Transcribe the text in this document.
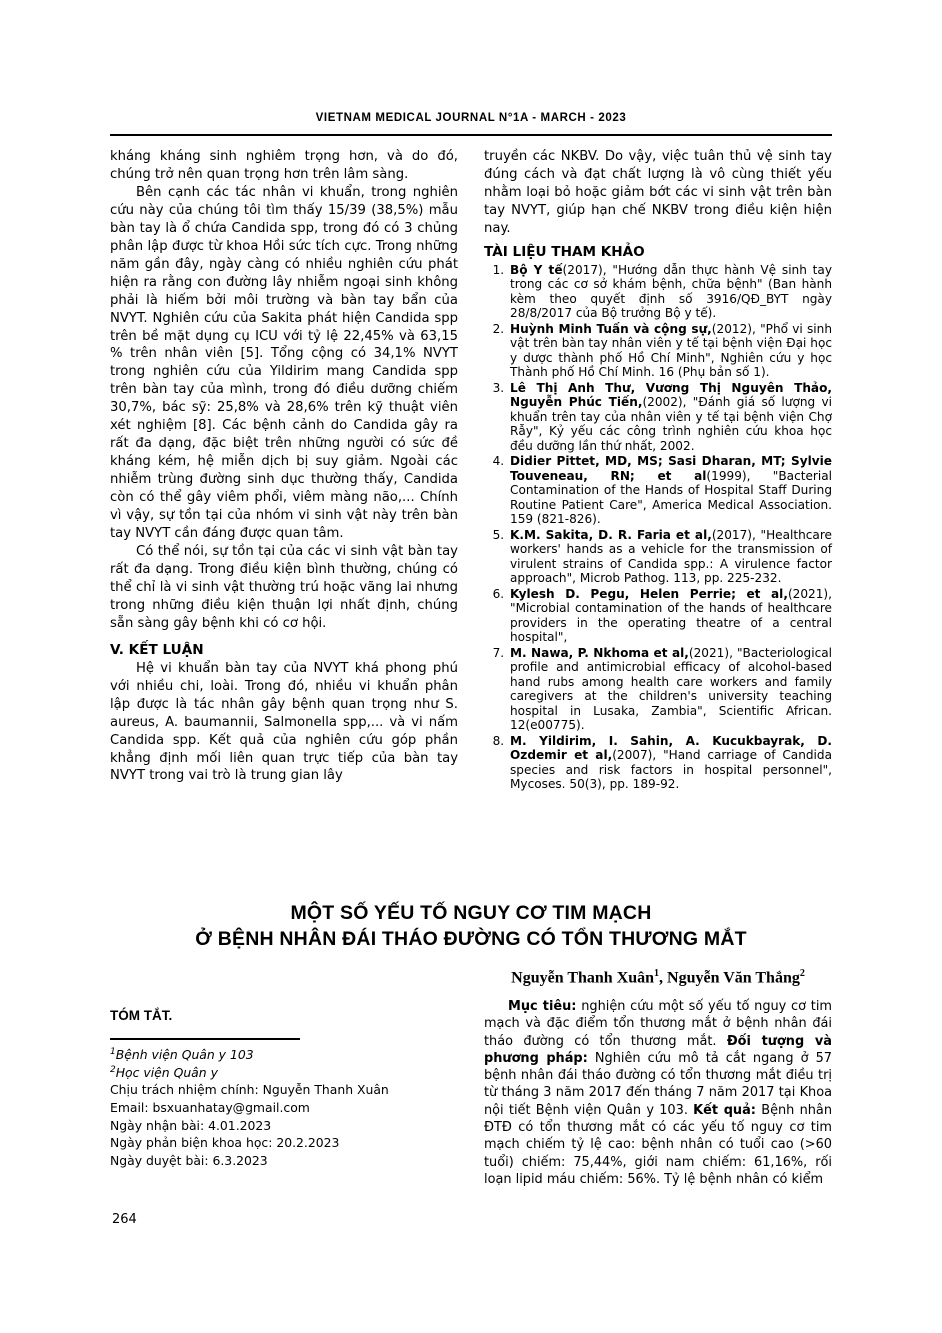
VIETNAM MEDICAL JOURNAL N°1A - MARCH - 2023

kháng kháng sinh nghiêm trọng hơn, và do đó, chúng trở nên quan trọng hơn trên lâm sàng.

Bên cạnh các tác nhân vi khuẩn, trong nghiên cứu này của chúng tôi tìm thấy 15/39 (38,5%) mẫu bàn tay là ổ chứa Candida spp, trong đó có 3 chủng phân lập được từ khoa Hồi sức tích cực. Trong những năm gần đây, ngày càng có nhiều nghiên cứu phát hiện ra rằng con đường lây nhiễm ngoại sinh không phải là hiếm bởi môi trường và bàn tay bẩn của NVYT. Nghiên cứu của Sakita phát hiện Candida spp trên bề mặt dụng cụ ICU với tỷ lệ 22,45% và 63,15 % trên nhân viên [5]. Tổng cộng có 34,1% NVYT trong nghiên cứu của Yildirim mang Candida spp trên bàn tay của mình, trong đó điều dưỡng chiếm 30,7%, bác sỹ: 25,8% và 28,6% trên kỹ thuật viên xét nghiệm [8]. Các bệnh cảnh do Candida gây ra rất đa dạng, đặc biệt trên những người có sức đề kháng kém, hệ miễn dịch bị suy giảm. Ngoài các nhiễm trùng đường sinh dục thường thấy, Candida còn có thể gây viêm phổi, viêm màng não,... Chính vì vậy, sự tồn tại của nhóm vi sinh vật này trên bàn tay NVYT cần đáng được quan tâm.

Có thể nói, sự tồn tại của các vi sinh vật bàn tay rất đa dạng. Trong điều kiện bình thường, chúng có thể chỉ là vi sinh vật thường trú hoặc vãng lai nhưng trong những điều kiện thuận lợi nhất định, chúng sẵn sàng gây bệnh khi có cơ hội.

V. KẾT LUẬN

Hệ vi khuẩn bàn tay của NVYT khá phong phú với nhiều chi, loài. Trong đó, nhiều vi khuẩn phân lập được là tác nhân gây bệnh quan trọng như S. aureus, A. baumannii, Salmonella spp,... và vi nấm Candida spp. Kết quả của nghiên cứu góp phần khẳng định mối liên quan trực tiếp của bàn tay NVYT trong vai trò là trung gian lây

truyền các NKBV. Do vậy, việc tuân thủ vệ sinh tay đúng cách và đạt chất lượng là vô cùng thiết yếu nhằm loại bỏ hoặc giảm bớt các vi sinh vật trên bàn tay NVYT, giúp hạn chế NKBV trong điều kiện hiện nay.

TÀI LIỆU THAM KHẢO
1. Bộ Y tế(2017), "Hướng dẫn thực hành Vệ sinh tay trong các cơ sở khám bệnh, chữa bệnh" (Ban hành kèm theo quyết định số 3916/QĐ_BYT ngày 28/8/2017 của Bộ trưởng Bộ y tế).
2. Huỳnh Minh Tuấn và cộng sự,(2012), "Phổ vi sinh vật trên bàn tay nhân viên y tế tại bệnh viện Đại học y dược thành phố Hồ Chí Minh", Nghiên cứu y học Thành phố Hồ Chí Minh. 16 (Phụ bản số 1).
3. Lê Thị Anh Thư, Vương Thị Nguyên Thảo, Nguyễn Phúc Tiến,(2002), "Đánh giá số lượng vi khuẩn trên tay của nhân viên y tế tại bệnh viện Chợ Rẫy", Kỷ yếu các công trình nghiên cứu khoa học đều dưỡng lần thứ nhất, 2002.
4. Didier Pittet, MD, MS; Sasi Dharan, MT; Sylvie Touveneau, RN; et al(1999), "Bacterial Contamination of the Hands of Hospital Staff During Routine Patient Care", America Medical Association. 159 (821-826).
5. K.M. Sakita, D. R. Faria et al,(2017), "Healthcare workers' hands as a vehicle for the transmission of virulent strains of Candida spp.: A virulence factor approach", Microb Pathog. 113, pp. 225-232.
6. Kylesh D. Pegu, Helen Perrie; et al,(2021), "Microbial contamination of the hands of healthcare providers in the operating theatre of a central hospital",
7. M. Nawa, P. Nkhoma et al,(2021), "Bacteriological profile and antimicrobial efficacy of alcohol-based hand rubs among health care workers and family caregivers at the children's university teaching hospital in Lusaka, Zambia", Scientific African. 12(e00775).
8. M. Yildirim, I. Sahin, A. Kucukbayrak, D. Ozdemir et al,(2007), "Hand carriage of Candida species and risk factors in hospital personnel", Mycoses. 50(3), pp. 189-92.
MỘT SỐ YẾU TỐ NGUY CƠ TIM MẠCH
Ở BỆNH NHÂN ĐÁI THÁO ĐƯỜNG CÓ TỔN THƯƠNG MẮT
Nguyễn Thanh Xuân$^1$, Nguyễn Văn Thắng$^2$
TÓM TẮT.
$^1$Bệnh viện Quân y 103
$^2$Học viện Quân y
Chịu trách nhiệm chính: Nguyễn Thanh Xuân
Email: bsxuanhatay@gmail.com
Ngày nhận bài: 4.01.2023
Ngày phản biện khoa học: 20.2.2023
Ngày duyệt bài: 6.3.2023
Mục tiêu: nghiện cứu một số yếu tố nguy cơ tim mạch và đặc điểm tổn thương mắt ở bệnh nhân đái tháo đường có tổn thương mắt. Đối tượng và phương pháp: Nghiên cứu mô tả cắt ngang ở 57 bệnh nhân đái tháo đường có tổn thương mắt điều trị từ tháng 3 năm 2017 đến tháng 7 năm 2017 tại Khoa nội tiết Bệnh viện Quân y 103. Kết quả: Bệnh nhân ĐTĐ có tổn thương mắt có các yếu tố nguy cơ tim mạch chiếm tỷ lệ cao: bệnh nhân có tuổi cao (>60 tuổi) chiếm: 75,44%, giới nam chiếm: 61,16%, rối loạn lipid máu chiếm: 56%. Tỷ lệ bệnh nhân có kiểm
264
